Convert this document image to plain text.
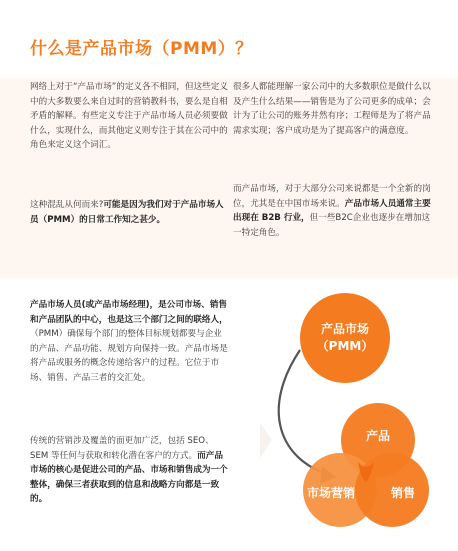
什么是产品市场（PMM）？

网络上对于“产品市场”的定义各不相同，但这些定义中的大多数要么来自过时的营销教科书，要么是自相矛盾的解释。有些定义专注于产品市场人员必须要做什么，实现什么，而其他定义则专注于其在公司中的角色来定义这个词汇。

这种混乱从何而来?可能是因为我们对于产品市场人员（PMM）的日常工作知之甚少。

很多人都能理解一家公司中的大多数职位是做什么以及产生什么结果——销售是为了公司更多的成单；会计为了让公司的账务井然有序；工程师是为了将产品需求实现；客户成功是为了提高客户的满意度。

而产品市场，对于大部分公司来说都是一个全新的岗位，尤其是在中国市场来说。产品市场人员通常主要出现在 B2B 行业，但一些B2C企业也逐步在增加这一特定角色。

产品市场人员(或产品市场经理)，是公司市场、销售和产品团队的中心，也是这三个部门之间的联络人，（PMM）确保每个部门的整体目标规划都要与企业的产品、产品功能、规划方向保持一致。产品市场是将产品或服务的概念传递给客户的过程。它位于市场、销售、产品三者的交汇处。

传统的营销涉及覆盖的面更加广泛，包括 SEO、SEM 等任何与获取和转化潜在客户的方式。而产品市场的核心是促进公司的产品、市场和销售成为一个整体，确保三者获取到的信息和战略方向都是一致的。

产品市场（PMM）
产品
市场营销	销售
